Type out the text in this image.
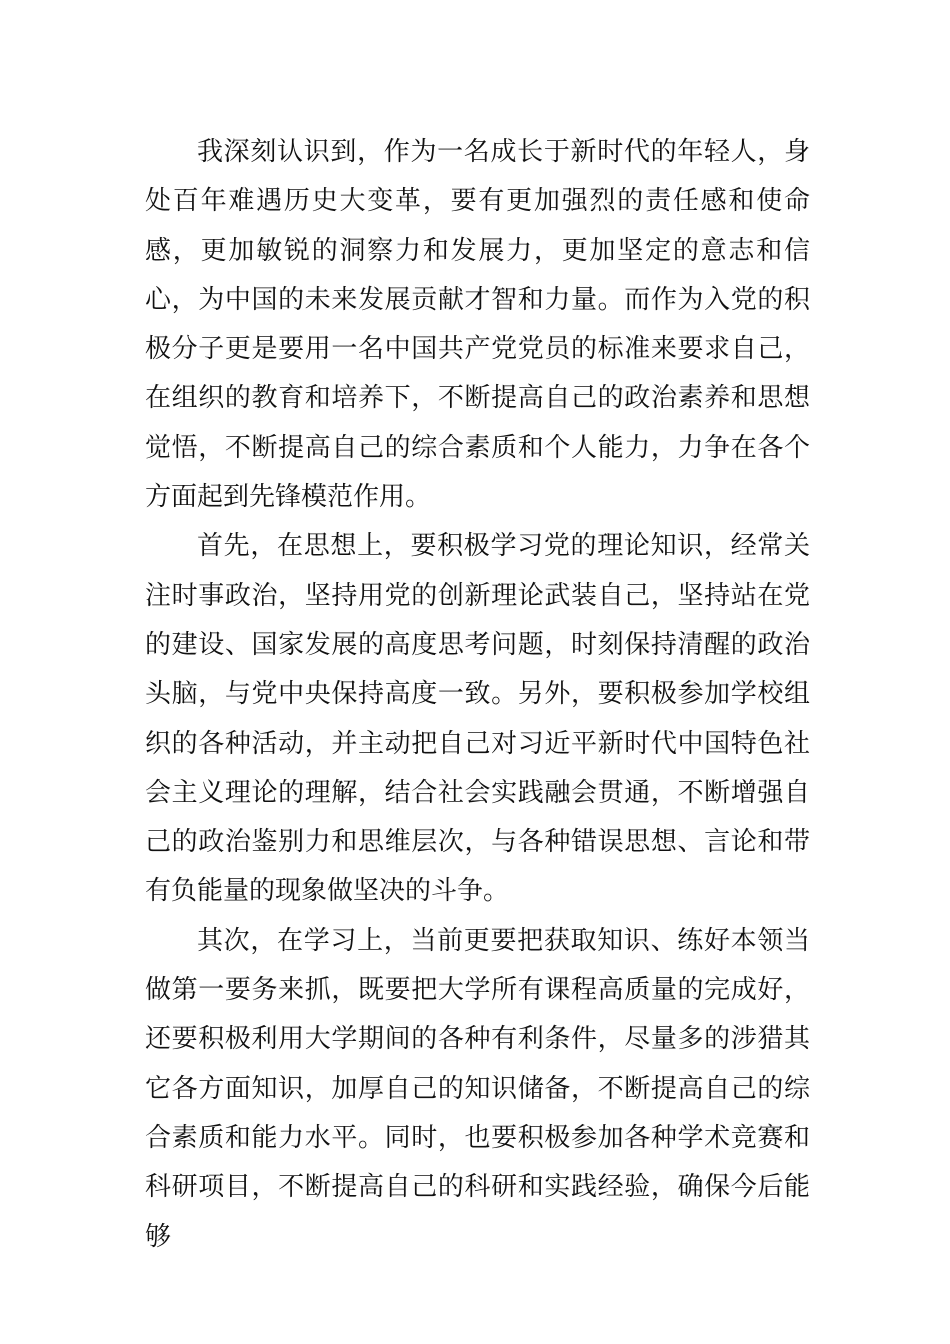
我深刻认识到，作为一名成长于新时代的年轻人，身处百年难遇历史大变革，要有更加强烈的责任感和使命感，更加敏锐的洞察力和发展力，更加坚定的意志和信心，为中国的未来发展贡献才智和力量。而作为入党的积极分子更是要用一名中国共产党党员的标准来要求自己，在组织的教育和培养下，不断提高自己的政治素养和思想觉悟，不断提高自己的综合素质和个人能力，力争在各个方面起到先锋模范作用。

首先，在思想上，要积极学习党的理论知识，经常关注时事政治，坚持用党的创新理论武装自己，坚持站在党的建设、国家发展的高度思考问题，时刻保持清醒的政治头脑，与党中央保持高度一致。另外，要积极参加学校组织的各种活动，并主动把自己对习近平新时代中国特色社会主义理论的理解，结合社会实践融会贯通，不断增强自己的政治鉴别力和思维层次，与各种错误思想、言论和带有负能量的现象做坚决的斗争。

其次，在学习上，当前更要把获取知识、练好本领当做第一要务来抓，既要把大学所有课程高质量的完成好，还要积极利用大学期间的各种有利条件，尽量多的涉猎其它各方面知识，加厚自己的知识储备，不断提高自己的综合素质和能力水平。同时，也要积极参加各种学术竞赛和科研项目，不断提高自己的科研和实践经验，确保今后能够
